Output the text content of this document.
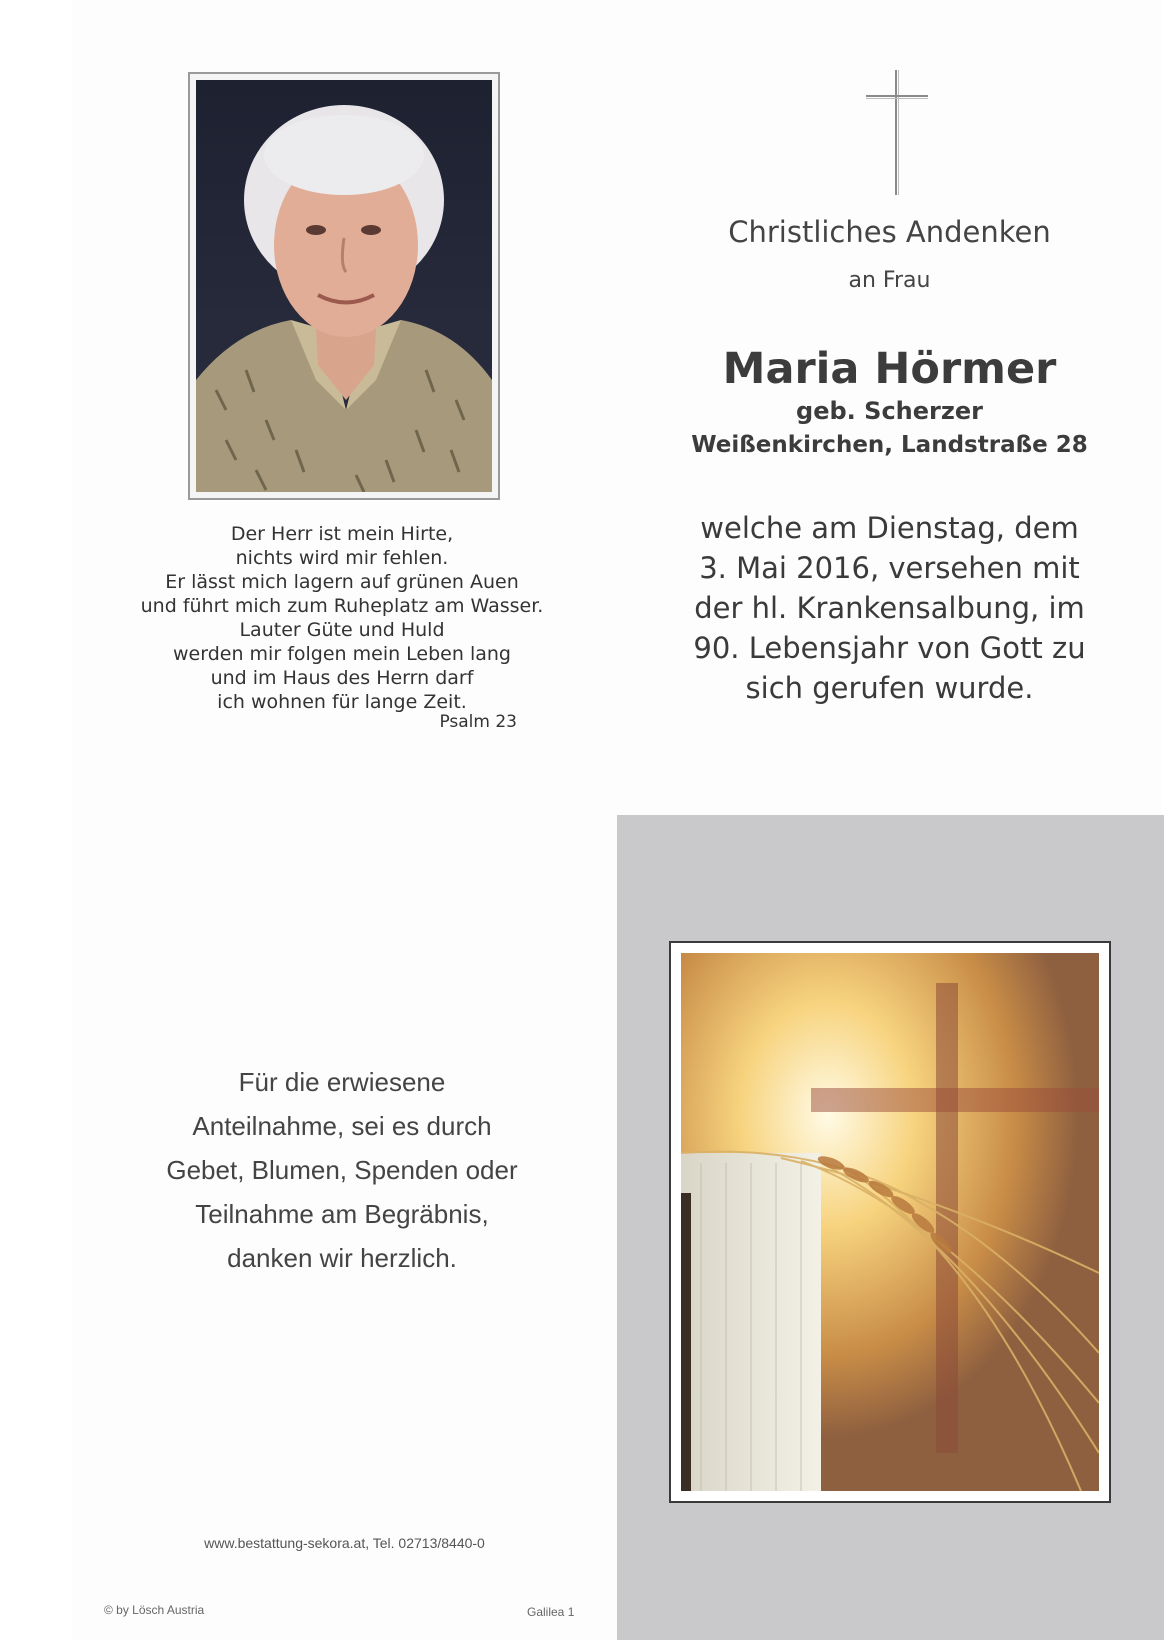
Der Herr ist mein Hirte,
nichts wird mir fehlen.
Er lässt mich lagern auf grünen Auen
und führt mich zum Ruheplatz am Wasser.
Lauter Güte und Huld
werden mir folgen mein Leben lang
und im Haus des Herrn darf
ich wohnen für lange Zeit.
Psalm 23
Christliches Andenken
an Frau
Maria Hörmer
geb. Scherzer
Weißenkirchen, Landstraße 28
welche am Dienstag, dem
3. Mai 2016, versehen mit
der hl. Krankensalbung, im
90. Lebensjahr von Gott zu
sich gerufen wurde.
Für die erwiesene
Anteilnahme, sei es durch
Gebet, Blumen, Spenden oder
Teilnahme am Begräbnis,
danken wir herzlich.
www.bestattung-sekora.at, Tel. 02713/8440-0
© by Lösch Austria	Galilea 1
